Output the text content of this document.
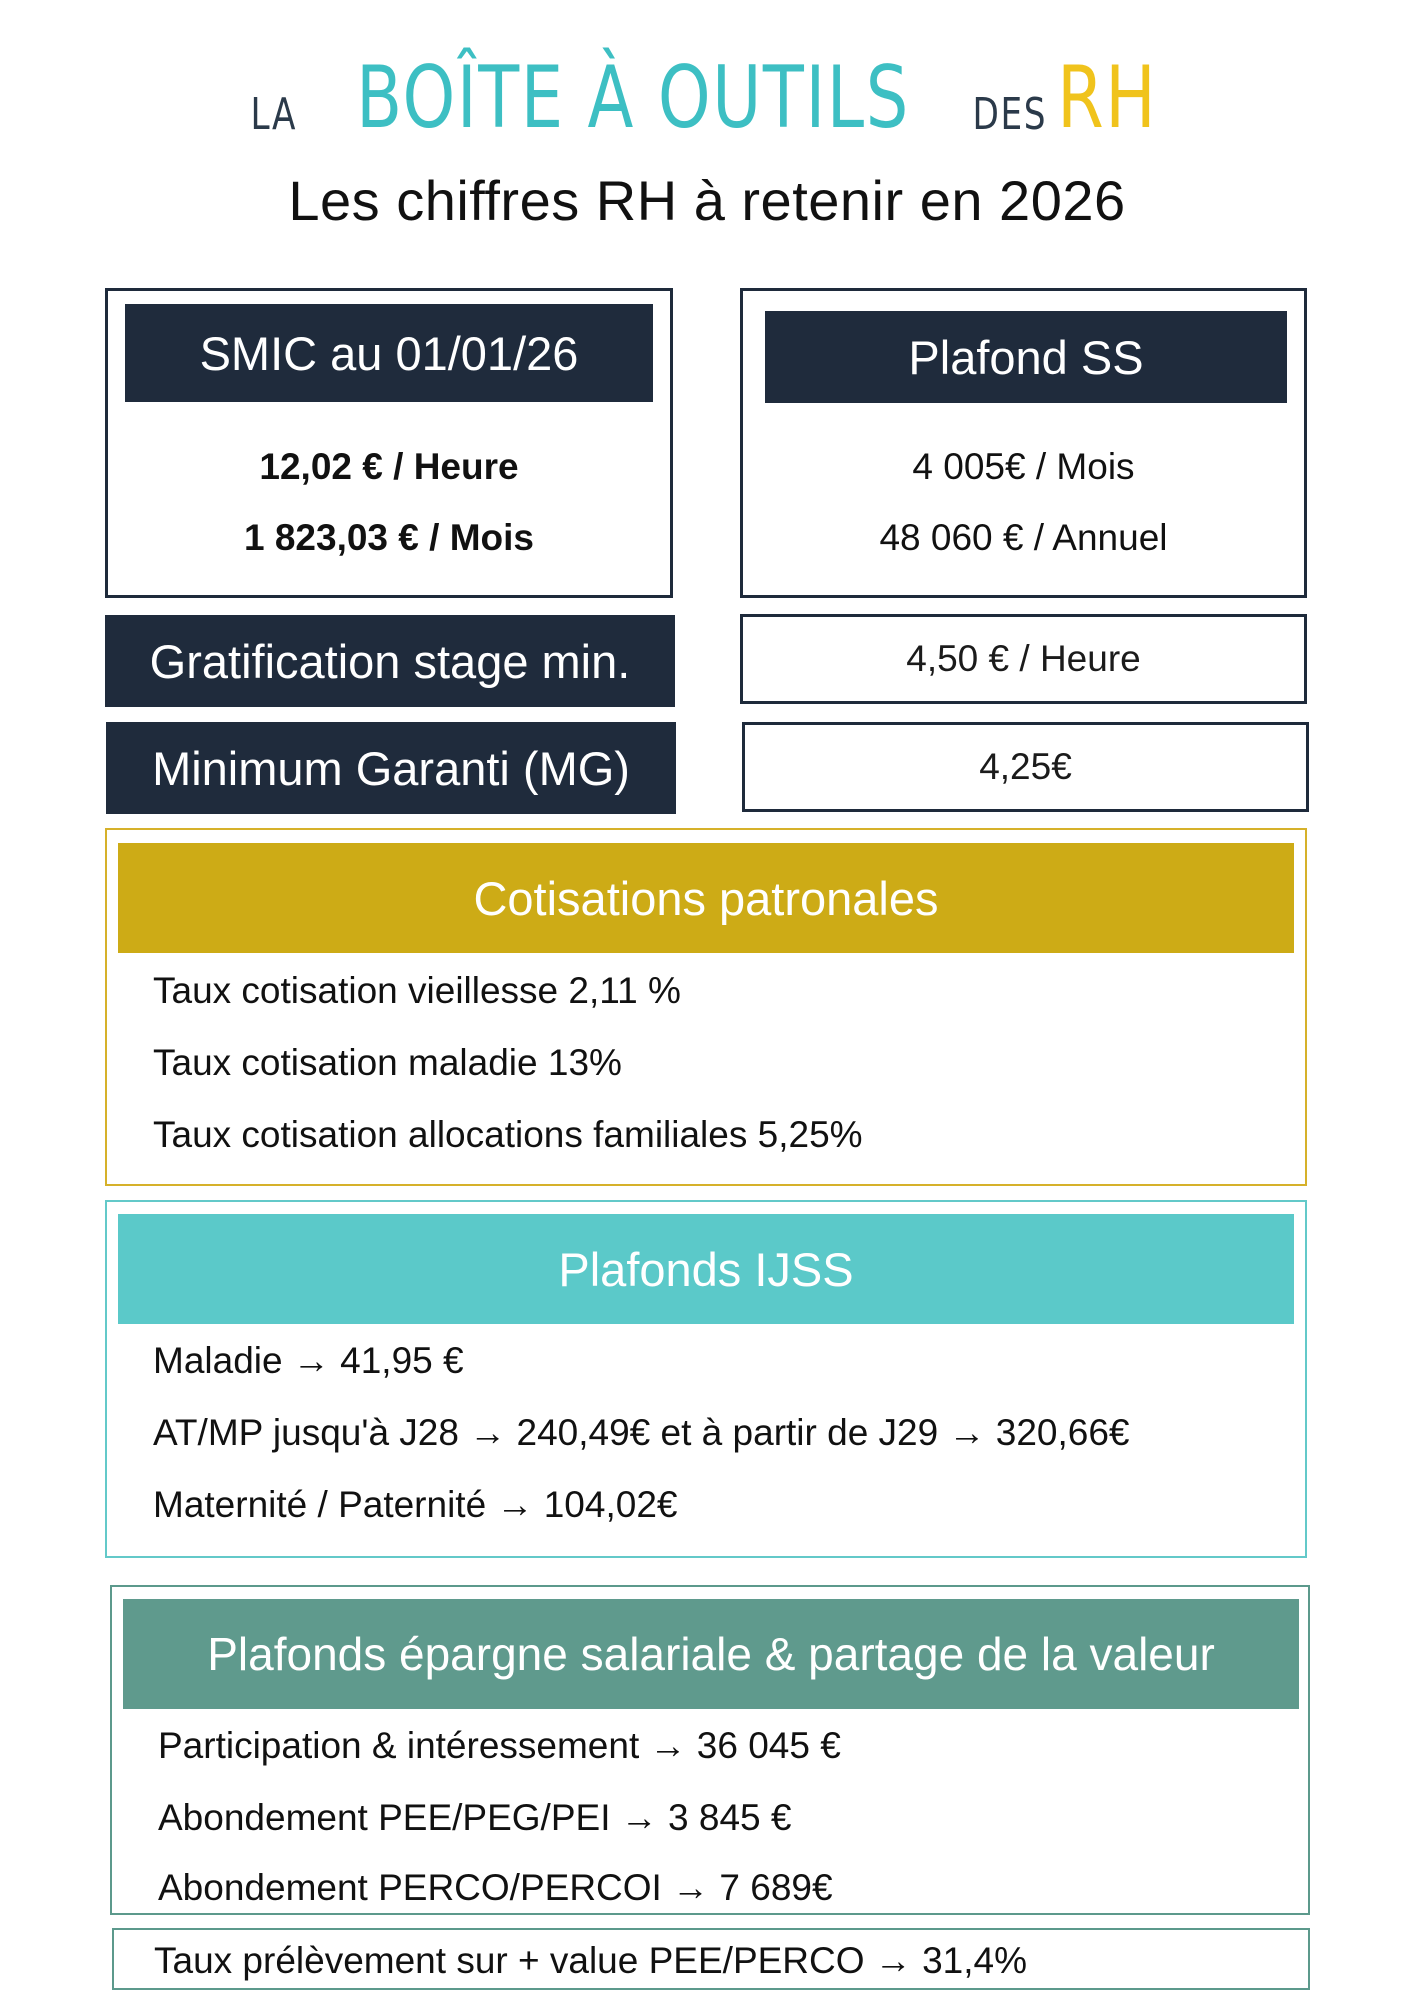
LA BOÎTE À OUTILS DES RH
Les chiffres RH à retenir en 2026
SMIC au 01/01/26
12,02 € / Heure
1 823,03 € / Mois
Plafond SS
4 005€ / Mois
48 060 € / Annuel
Gratification stage min.	4,50 € / Heure
Minimum Garanti (MG)	4,25€
Cotisations patronales
Taux cotisation vieillesse 2,11 %
Taux cotisation maladie 13%
Taux cotisation allocations familiales 5,25%
Plafonds IJSS
Maladie → 41,95 €
AT/MP jusqu'à J28 → 240,49€ et à partir de J29 → 320,66€
Maternité / Paternité → 104,02€
Plafonds épargne salariale & partage de la valeur
Participation & intéressement → 36 045 €
Abondement PEE/PEG/PEI → 3 845 €
Abondement PERCO/PERCOI → 7 689€
Taux prélèvement sur + value PEE/PERCO → 31,4%
